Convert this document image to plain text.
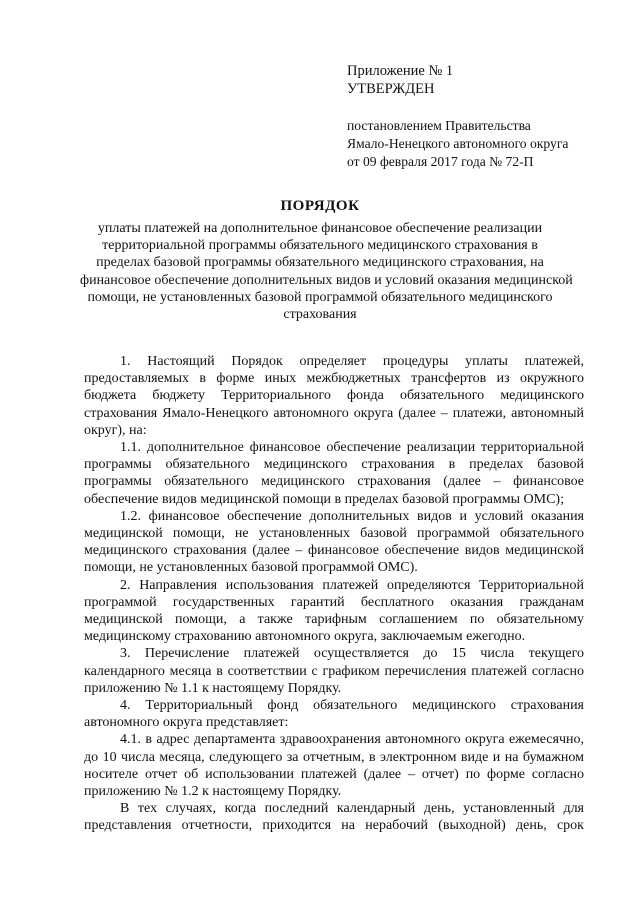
Приложение № 1
УТВЕРЖДЕН
постановлением Правительства
Ямало-Ненецкого автономного округа
от 09 февраля 2017 года № 72-П
ПОРЯДОК
уплаты платежей на дополнительное финансовое обеспечение реализации
территориальной программы обязательного медицинского страхования в
пределах базовой программы обязательного медицинского страхования, на
финансовое обеспечение дополнительных видов и условий оказания медицинской
помощи, не установленных базовой программой обязательного медицинского
страхования
1. Настоящий Порядок определяет процедуры уплаты платежей,
предоставляемых в форме иных межбюджетных трансфертов из окружного
бюджета бюджету Территориального фонда обязательного медицинского
страхования Ямало-Ненецкого автономного округа (далее – платежи, автономный
округ), на:
1.1. дополнительное финансовое обеспечение реализации территориальной
программы обязательного медицинского страхования в пределах базовой
программы обязательного медицинского страхования (далее – финансовое
обеспечение видов медицинской помощи в пределах базовой программы ОМС);
1.2. финансовое обеспечение дополнительных видов и условий оказания
медицинской помощи, не установленных базовой программой обязательного
медицинского страхования (далее – финансовое обеспечение видов медицинской
помощи, не установленных базовой программой ОМС).
2. Направления использования платежей определяются Территориальной
программой государственных гарантий бесплатного оказания гражданам
медицинской помощи, а также тарифным соглашением по обязательному
медицинскому страхованию автономного округа, заключаемым ежегодно.
3. Перечисление платежей осуществляется до 15 числа текущего
календарного месяца в соответствии с графиком перечисления платежей согласно
приложению № 1.1 к настоящему Порядку.
4. Территориальный фонд обязательного медицинского страхования
автономного округа представляет:
4.1. в адрес департамента здравоохранения автономного округа ежемесячно,
до 10 числа месяца, следующего за отчетным, в электронном виде и на бумажном
носителе отчет об использовании платежей (далее – отчет) по форме согласно
приложению № 1.2 к настоящему Порядку.
В тех случаях, когда последний календарный день, установленный для
представления отчетности, приходится на нерабочий (выходной) день, срок
